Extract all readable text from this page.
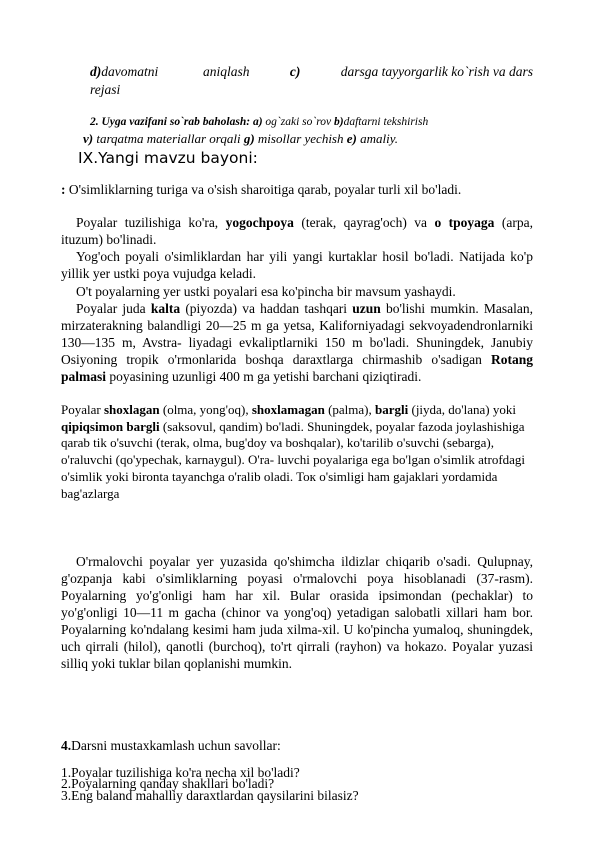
d)davomatni	aniqlash	c)	darsga tayyorgarlik ko`rish va dars
rejasi
2. Uyga vazifani so`rab baholash: a) og`zaki so`rov b)daftarni tekshirish
v) tarqatma materiallar orqali g) misollar yechish e) amaliy.
IX.Yangi mavzu bayoni:
: O'simliklarning turiga va o'sish sharoitiga qarab, poyalar turli xil bo'ladi.
Poyalar tuzilishiga ko'ra, yogochpoya (terak, qayrag'och) va o tpoyaga (arpa, ituzum) bo'linadi.
Yog'och poyali o'simliklardan har yili yangi kurtaklar hosil bo'ladi. Natijada ko'p yillik yer ustki poya vujudga keladi.
O't poyalarning yer ustki poyalari esa ko'pincha bir mavsum yashaydi.
Poyalar juda kalta (piyozda) va haddan tashqari uzun bo'lishi mumkin. Masalan, mirzaterakning balandligi 20—25 m ga yetsa, Kaliforniyadagi sekvoyadendronlarniki 130—135 m, Avstra- liyadagi evkaliptlarniki 150 m bo'ladi. Shuningdek, Janubiy Osiyoning tropik o'rmonlarida boshqa daraxtlarga chirmashib o'sadigan Rotang palmasi poyasining uzunligi 400 m ga yetishi barchani qiziqtiradi.
Poyalar shoxlagan (olma, yong'oq), shoxlamagan (palma), bargli (jiyda, do'lana) yoki qipiqsimon bargli (saksovul, qandim) bo'ladi. Shuningdek, poyalar fazoda joylashishiga qarab tik o'suvchi (terak, olma, bug'doy va boshqalar), ko'tarilib o'suvchi (sebarga), o'raluvchi (qo'ypechak, karnaygul). O'ra- luvchi poyalariga ega bo'lgan o'simlik atrofdagi o'simlik yoki bironta tayanchga o'ralib oladi. Toк o'simligi ham gajaklari yordamida bag'azlarga
O'rmalovchi poyalar yer yuzasida qo'shimcha ildizlar chiqarib o'sadi. Qulupnay, g'ozpanja kabi o'simliklarning poyasi o'rmalovchi poya hisoblanadi (37-rasm). Poyalarning yo'g'onligi ham har xil. Bular orasida ipsimondan (pechaklar) to yo'g'onligi 10—11 m gacha (chinor va yong'oq) yetadigan salobatli xillari ham bor. Poyalarning ko'ndalang kesimi ham juda xilma-xil. U ko'pincha yumaloq, shuningdek, uch qirrali (hilol), qanotli (burchoq), to'rt qirrali (rayhon) va hokazo. Poyalar yuzasi silliq yoki tuklar bilan qoplanishi mumkin.
4.Darsni mustaxkamlash uchun savollar:
1.Poyalar tuzilishiga ko'ra necha xil bo'ladi?
2.Poyalarning qanday shakllari bo'ladi?
3.Eng baland mahalliy daraxtlardan qaysilarini bilasiz?
